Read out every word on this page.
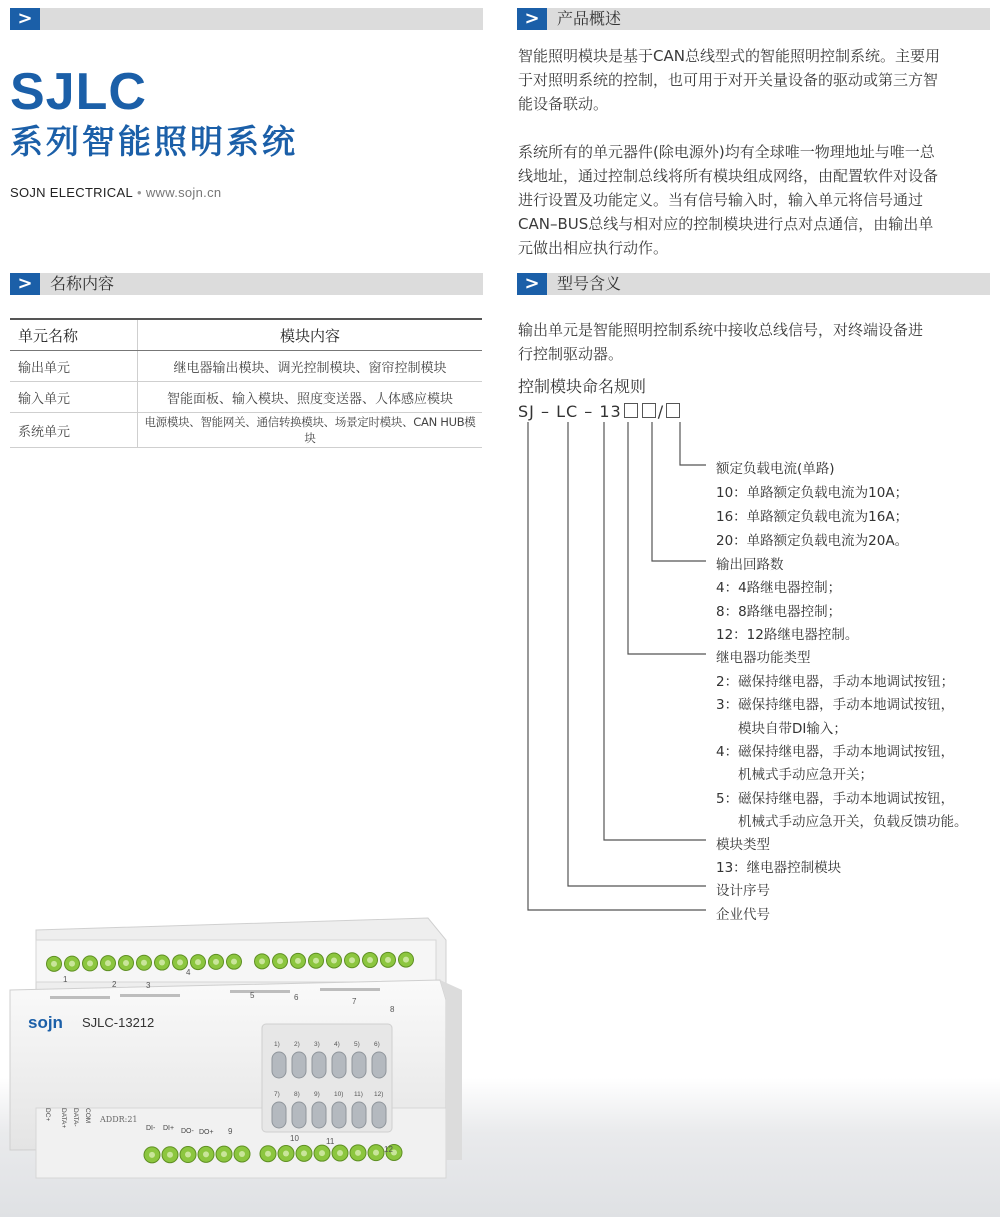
>
SJLC
系列智能照明系统
SOJN ELECTRICAL • www.sojn.cn
>	名称内容
单元名称	模块内容
输出单元	继电器输出模块、调光控制模块、窗帘控制模块
输入单元	智能面板、输入模块、照度变送器、人体感应模块
系统单元	电源模块、智能网关、通信转换模块、场景定时模块、CAN HUB模块
>	产品概述
智能照明模块是基于CAN总线型式的智能照明控制系统。主要用
于对照明系统的控制，也可用于对开关量设备的驱动或第三方智
能设备联动。
系统所有的单元器件(除电源外)均有全球唯一物理地址与唯一总
线地址，通过控制总线将所有模块组成网络，由配置软件对设备
进行设置及功能定义。当有信号输入时，输入单元将信号通过
CAN–BUS总线与相对应的控制模块进行点对点通信，由输出单
元做出相应执行动作。
>	型号含义
输出单元是智能照明控制系统中接收总线信号，对终端设备进
行控制驱动器。
控制模块命名规则
SJ – LC – 13 /
额定负载电流(单路)
10：单路额定负载电流为10A；
16：单路额定负载电流为16A；
20：单路额定负载电流为20A。
输出回路数
4：4路继电器控制；
8：8路继电器控制；
12：12路继电器控制。
继电器功能类型
2：磁保持继电器，手动本地调试按钮；
3：磁保持继电器，手动本地调试按钮，
模块自带DI输入；
4：磁保持继电器，手动本地调试按钮，
机械式手动应急开关；
5：磁保持继电器，手动本地调试按钮，
机械式手动应急开关，负载反馈功能。
模块类型
13：继电器控制模块
设计序号
企业代号
1) 2) 3) 4) 5) 6)
7) 8) 9) 10) 11) 12)
sojn SJLC-13212
ADDR:21
DC+ DATA+ DATA- COM
DI- DI+ DO- DO+
1
2	3
4
5	6	7
8
9
10	11
12
